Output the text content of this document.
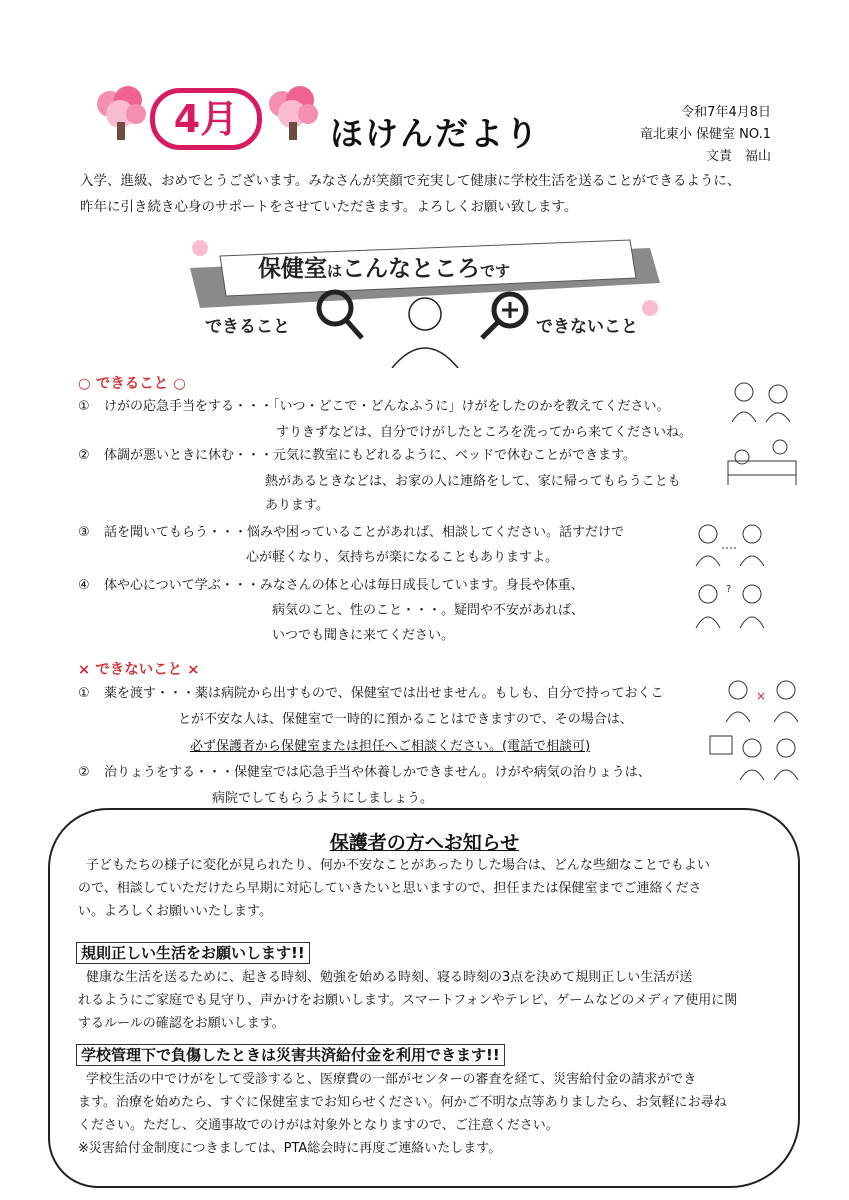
4月	ほけんだより
令和7年4月8日
竜北東小 保健室 NO.1
文責　福山
入学、進級、おめでとうございます。みなさんが笑顔で充実して健康に学校生活を送ることができるように、
昨年に引き続き心身のサポートをさせていただきます。よろしくお願い致します。
保健室はこんなところです
できること	できないこと
○ できること ○
① けがの応急手当をする・・・「いつ・どこで・どんなふうに」けがをしたのかを教えてください。
すりきずなどは、自分でけがしたところを洗ってから来てくださいね。
② 体調が悪いときに休む・・・元気に教室にもどれるように、ベッドで休むことができます。
熱があるときなどは、お家の人に連絡をして、家に帰ってもらうことも
あります。
③ 話を聞いてもらう・・・悩みや困っていることがあれば、相談してください。話すだけで
心が軽くなり、気持ちが楽になることもありますよ。
④ 体や心について学ぶ・・・みなさんの体と心は毎日成長しています。身長や体重、
病気のこと、性のこと・・・。疑問や不安があれば、
いつでも聞きに来てください。
?
× できないこと ×
① 薬を渡す・・・薬は病院から出すもので、保健室では出せません。もしも、自分で持っておくこ
とが不安な人は、保健室で一時的に預かることはできますので、その場合は、
必ず保護者から保健室または担任へご相談ください。(電話で相談可)
② 治りょうをする・・・保健室では応急手当や休養しかできません。けがや病気の治りょうは、
病院でしてもらうようにしましょう。
×
保護者の方へお知らせ
子どもたちの様子に変化が見られたり、何か不安なことがあったりした場合は、どんな些細なことでもよい
ので、相談していただけたら早期に対応していきたいと思いますので、担任または保健室までご連絡くださ
い。よろしくお願いいたします。
規則正しい生活をお願いします!!
健康な生活を送るために、起きる時刻、勉強を始める時刻、寝る時刻の3点を決めて規則正しい生活が送
れるようにご家庭でも見守り、声かけをお願いします。スマートフォンやテレビ、ゲームなどのメディア使用に関
するルールの確認をお願いします。
学校管理下で負傷したときは災害共済給付金を利用できます!!
学校生活の中でけがをして受診すると、医療費の一部がセンターの審査を経て、災害給付金の請求ができ
ます。治療を始めたら、すぐに保健室までお知らせください。何かご不明な点等ありましたら、お気軽にお尋ね
ください。ただし、交通事故でのけがは対象外となりますので、ご注意ください。
※災害給付金制度につきましては、PTA総会時に再度ご連絡いたします。
